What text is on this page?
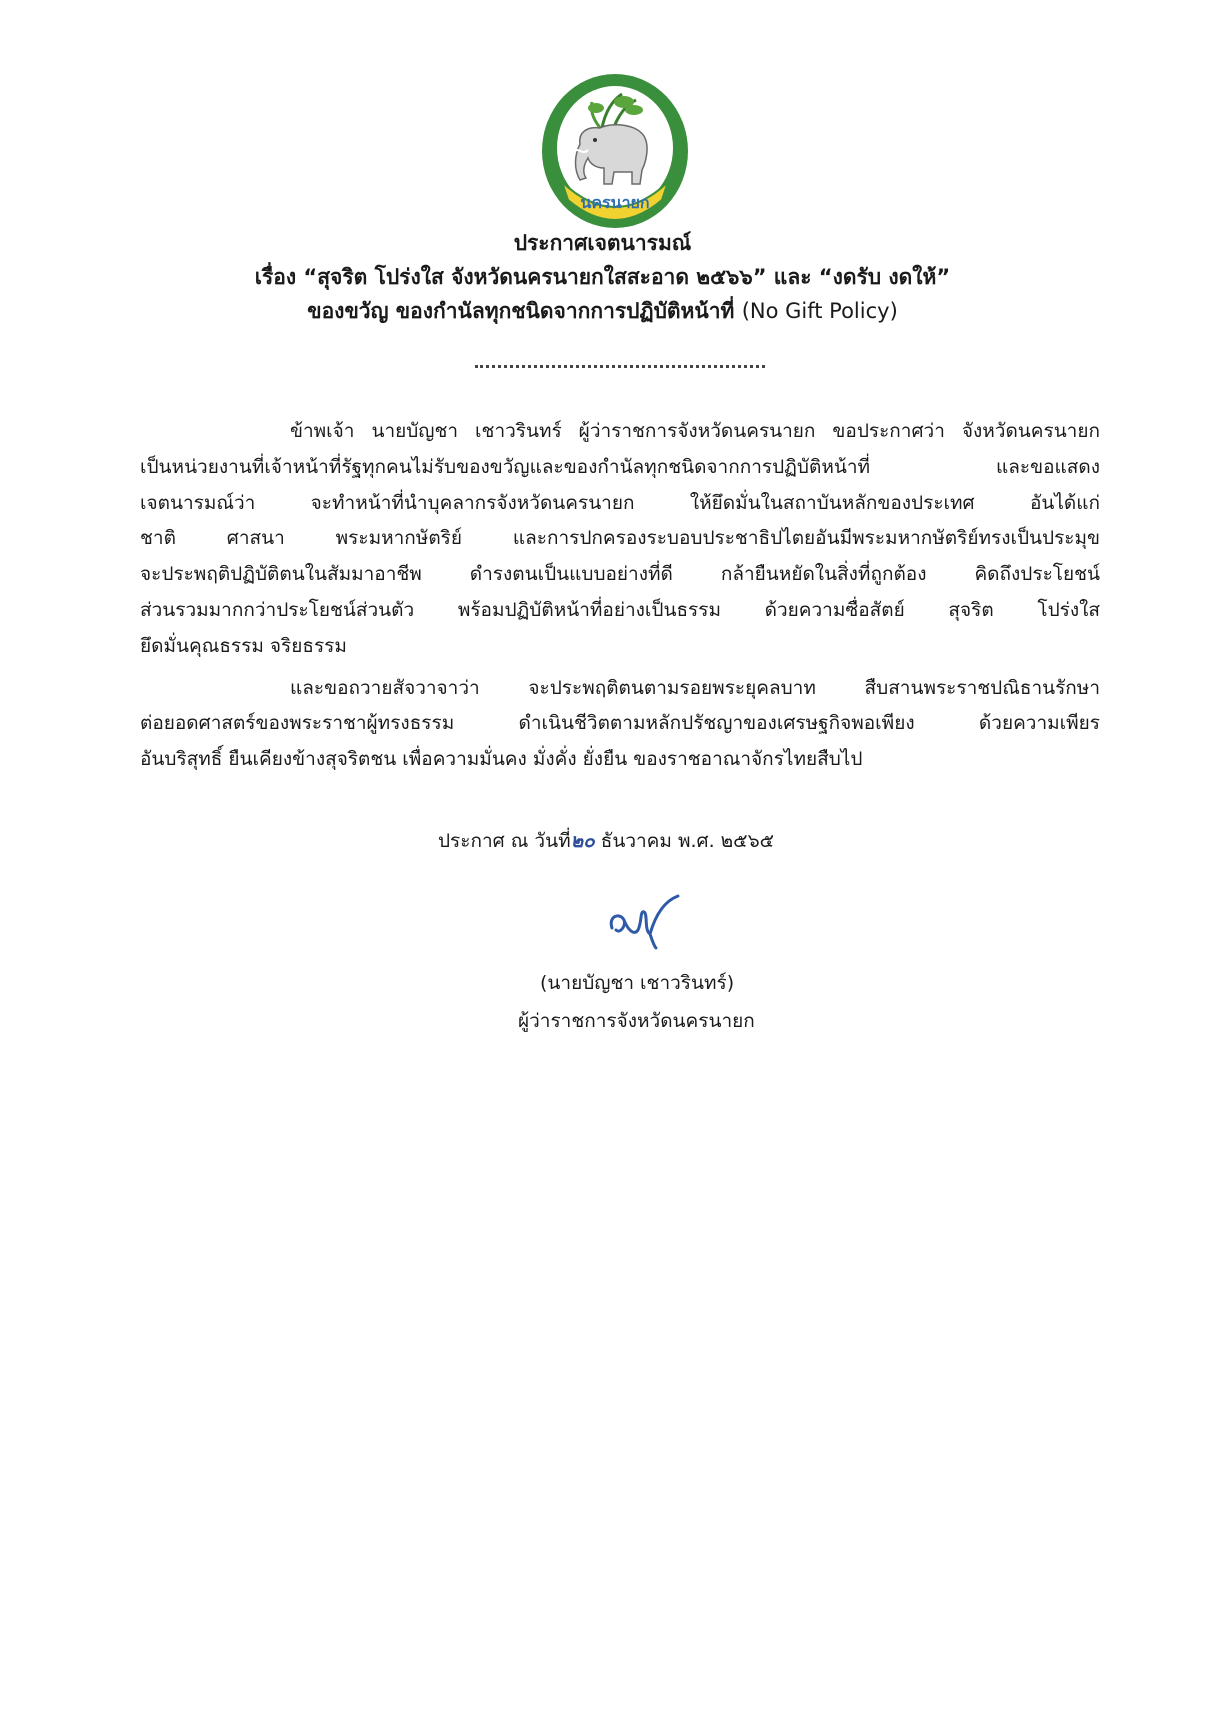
นครนายก
ประกาศเจตนารมณ์
เรื่อง “สุจริต โปร่งใส จังหวัดนครนายกใสสะอาด ๒๕๖๖” และ “งดรับ งดให้”
ของขวัญ ของกำนัลทุกชนิดจากการปฏิบัติหน้าที่ (No Gift Policy)
ข้าพเจ้า นายบัญชา เชาวรินทร์ ผู้ว่าราชการจังหวัดนครนายก ขอประกาศว่า จังหวัดนครนายก
เป็นหน่วยงานที่เจ้าหน้าที่รัฐทุกคนไม่รับของขวัญและของกำนัลทุกชนิดจากการปฏิบัติหน้าที่ และขอแสดง
เจตนารมณ์ว่า จะทำหน้าที่นำบุคลากรจังหวัดนครนายก ให้ยึดมั่นในสถาบันหลักของประเทศ อันได้แก่
ชาติ ศาสนา พระมหากษัตริย์ และการปกครองระบอบประชาธิปไตยอันมีพระมหากษัตริย์ทรงเป็นประมุข
จะประพฤติปฏิบัติตนในสัมมาอาชีพ ดำรงตนเป็นแบบอย่างที่ดี กล้ายืนหยัดในสิ่งที่ถูกต้อง คิดถึงประโยชน์
ส่วนรวมมากกว่าประโยชน์ส่วนตัว พร้อมปฏิบัติหน้าที่อย่างเป็นธรรม ด้วยความซื่อสัตย์ สุจริต โปร่งใส
ยึดมั่นคุณธรรม จริยธรรม
และขอถวายสัจวาจาว่า จะประพฤติตนตามรอยพระยุคลบาท สืบสานพระราชปณิธานรักษา
ต่อยอดศาสตร์ของพระราชาผู้ทรงธรรม ดำเนินชีวิตตามหลักปรัชญาของเศรษฐกิจพอเพียง ด้วยความเพียร
อันบริสุทธิ์ ยืนเคียงข้างสุจริตชน เพื่อความมั่นคง มั่งคั่ง ยั่งยืน ของราชอาณาจักรไทยสืบไป
ประกาศ ณ วันที่๒๐ ธันวาคม พ.ศ. ๒๕๖๕
(นายบัญชา เชาวรินทร์)
ผู้ว่าราชการจังหวัดนครนายก
